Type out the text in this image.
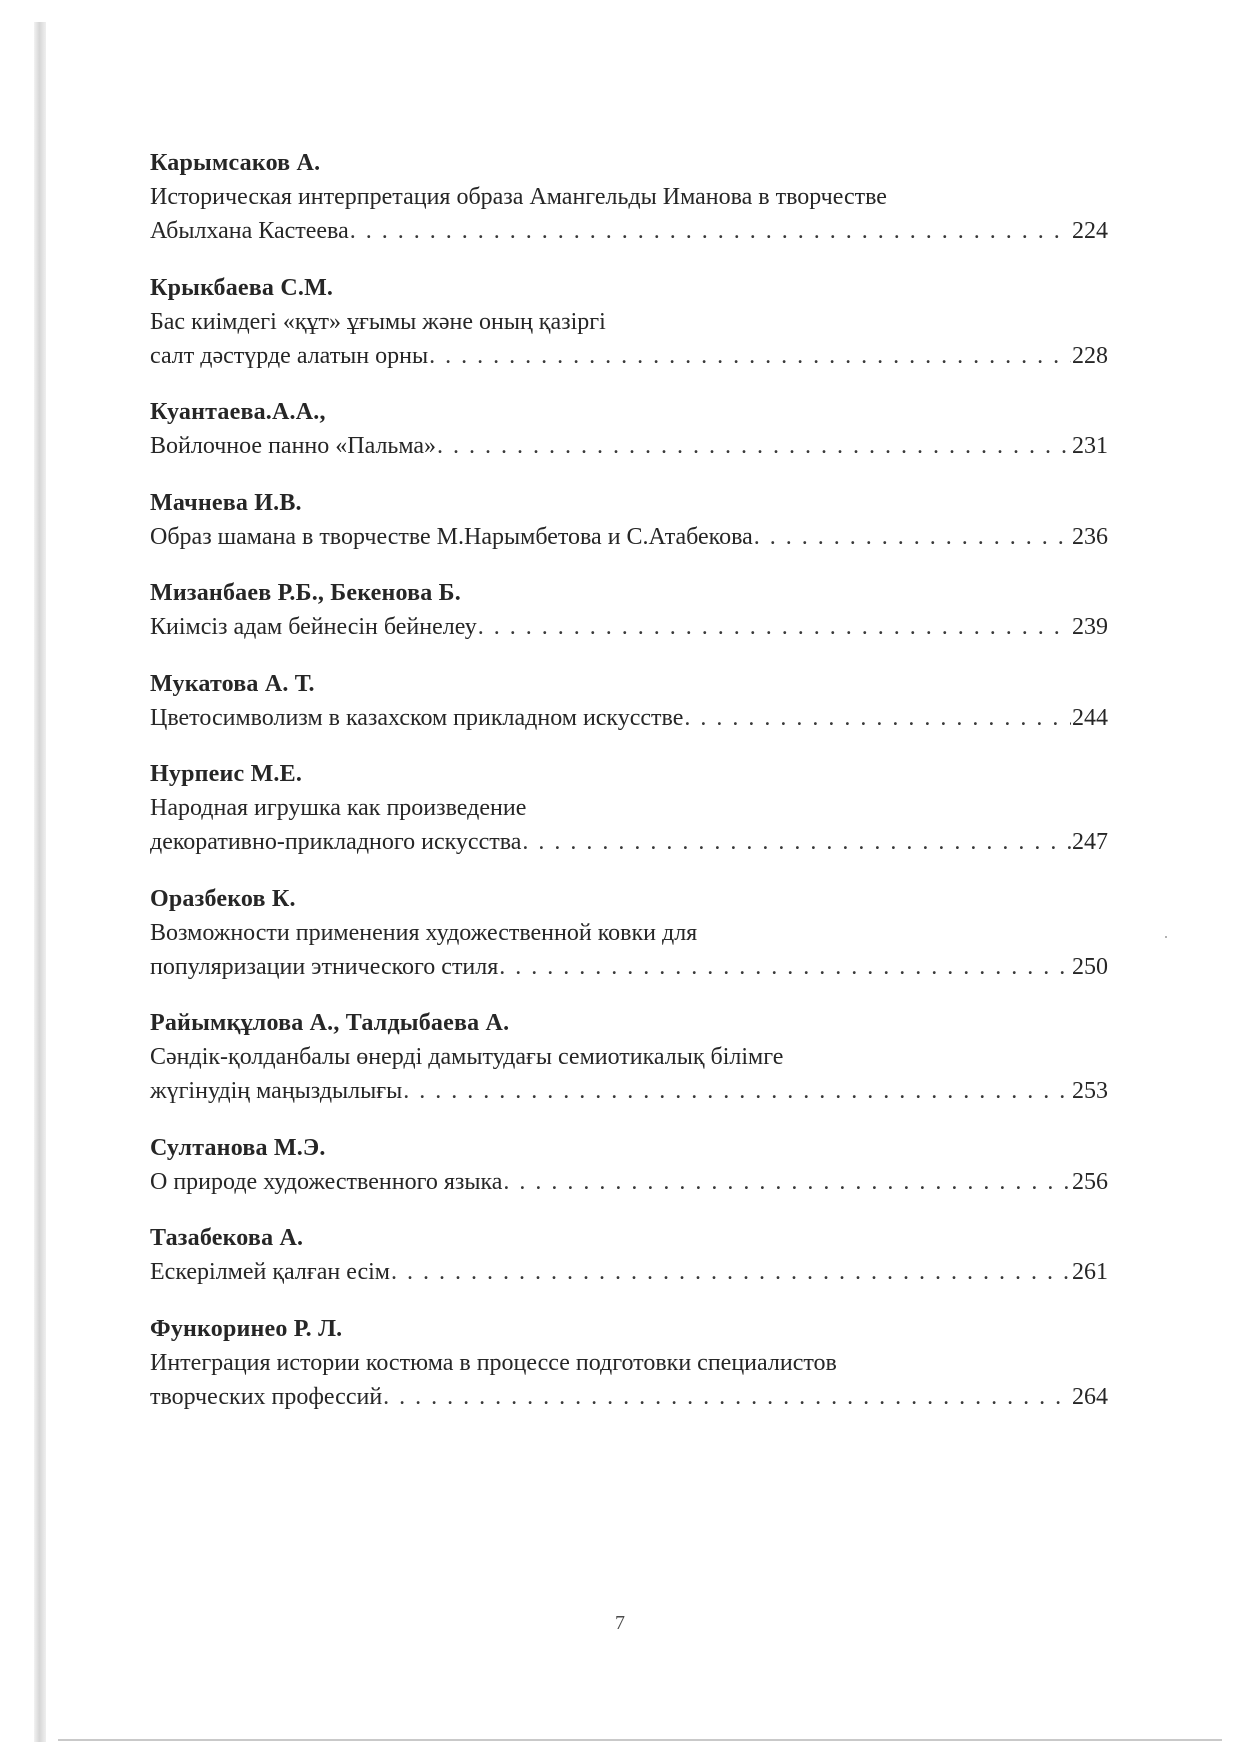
Карымсаков А.
Историческая интерпретация образа Амангельды Иманова в творчестве
Абылхана Кастеева . . .	224
Крыкбаева С.М.
Бас киімдегі «құт» ұғымы және оның қазіргі
салт дәстүрде алатын орны . . .	228
Куантаева.А.А.,
Войлочное панно «Пальма» . . .	231
Мачнева И.В.
Образ шамана в творчестве М.Нарымбетова и С.Атабекова . . .	236
Мизанбаев Р.Б., Бекенова Б.
Киімсіз адам бейнесін бейнелеу . . .	239
Мукатова А. Т.
Цветосимволизм в казахском прикладном искусстве . . .	244
Нурпеис М.Е.
Народная игрушка как произведение
декоративно-прикладного искусства . . .	247
Оразбеков К.
Возможности применения художественной ковки для
популяризации этнического стиля . . .	250
Райымқұлова А., Талдыбаева А.
Сәндік-қолданбалы өнерді дамытудағы семиотикалық білімге
жүгінудің маңыздылығы . . .	253
Султанова М.Э.
О природе художественного языка . . .	256
Тазабекова А.
Ескерілмей қалған есім . . .	261
Функоринео Р. Л.
Интеграция истории костюма в процессе подготовки специалистов
творческих профессий . . .	264
7
